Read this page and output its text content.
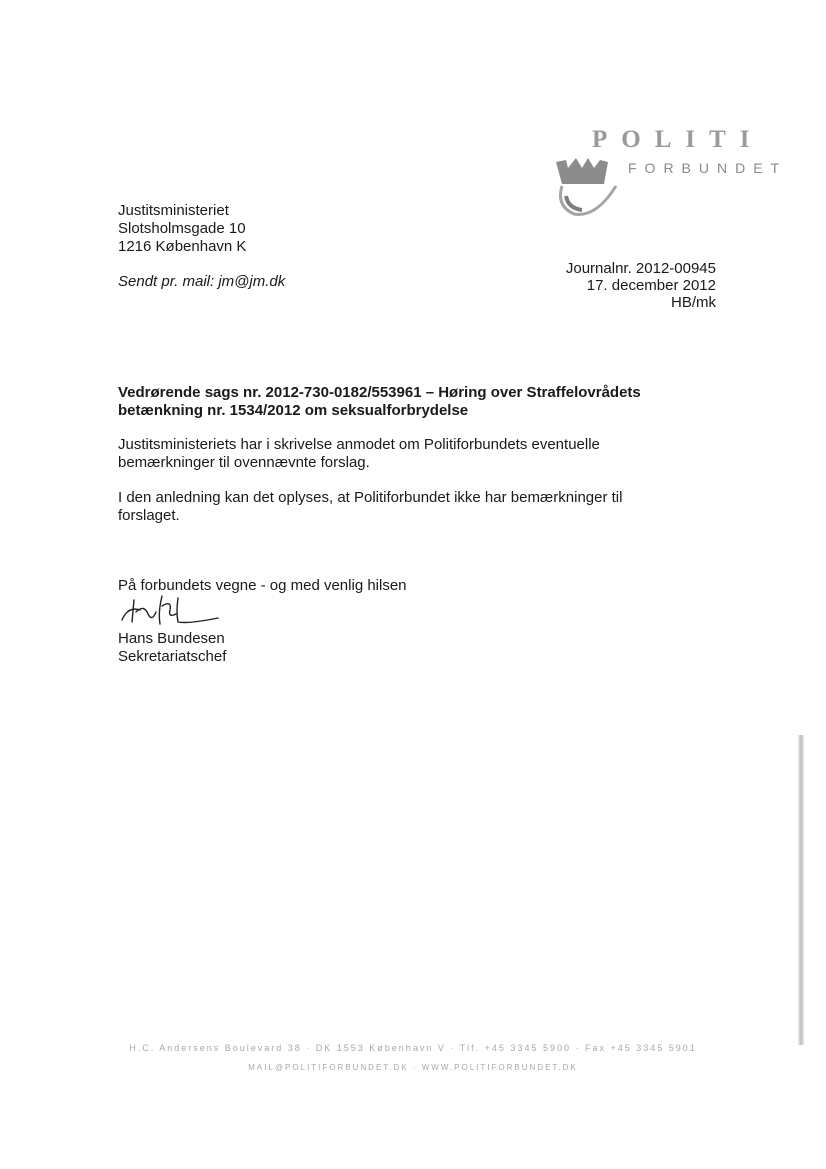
POLITI
FORBUNDET
Justitsministeriet
Slotsholmsgade 10
1216 København K
Sendt pr. mail: jm@jm.dk
Journalnr. 2012-00945
17. december 2012
HB/mk
Vedrørende sags nr. 2012-730-0182/553961 – Høring over Straffelovrådets
betænkning nr. 1534/2012 om seksualforbrydelse
Justitsministeriets har i skrivelse anmodet om Politiforbundets eventuelle
bemærkninger til ovennævnte forslag.
I den anledning kan det oplyses, at Politiforbundet ikke har bemærkninger til
forslaget.
På forbundets vegne - og med venlig hilsen
Hans Bundesen
Sekretariatschef
H.C. Andersens Boulevard 38 · DK 1553 København V · Tlf. +45 3345 5900 · Fax +45 3345 5901
MAIL@POLITIFORBUNDET.DK · WWW.POLITIFORBUNDET.DK
